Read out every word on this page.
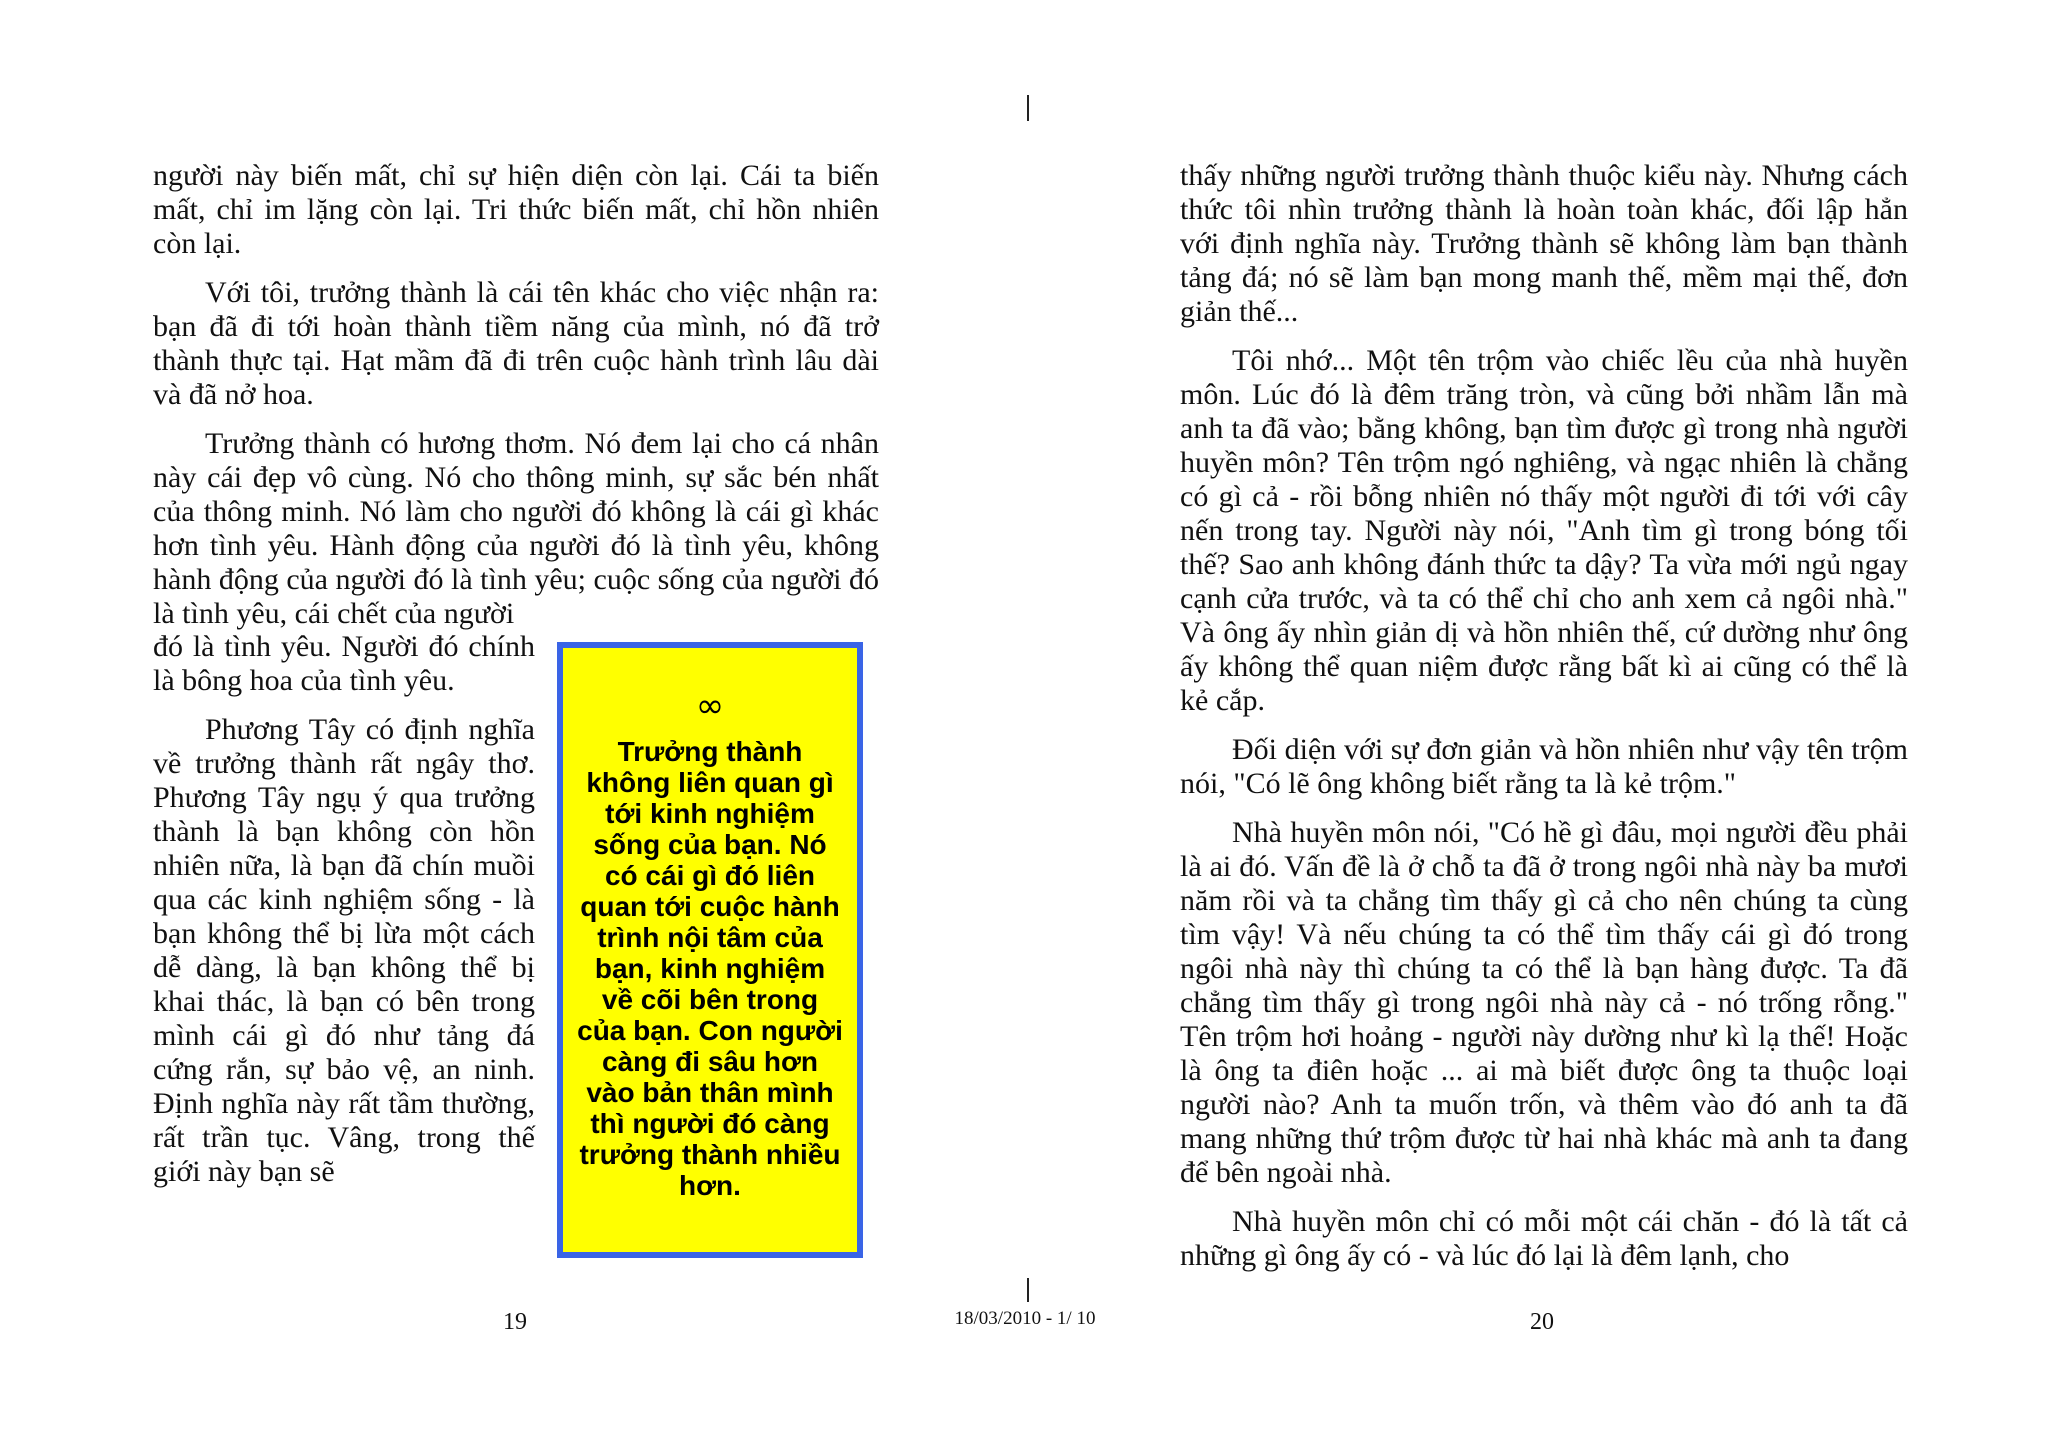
người này biến mất, chỉ sự hiện diện còn lại. Cái ta biến mất, chỉ im lặng còn lại. Tri thức biến mất, chỉ hồn nhiên còn lại.

Với tôi, trưởng thành là cái tên khác cho việc nhận ra: bạn đã đi tới hoàn thành tiềm năng của mình, nó đã trở thành thực tại. Hạt mầm đã đi trên cuộc hành trình lâu dài và đã nở hoa.

Trưởng thành có hương thơm. Nó đem lại cho cá nhân này cái đẹp vô cùng. Nó cho thông minh, sự sắc bén nhất của thông minh. Nó làm cho người đó không là cái gì khác hơn tình yêu. Hành động của người đó là tình yêu, không hành động của người đó là tình yêu; cuộc sống của người đó là tình yêu, cái chết của người

đó là tình yêu. Người đó chính là bông hoa của tình yêu.

Phương Tây có định nghĩa về trưởng thành rất ngây thơ. Phương Tây ngụ ý qua trưởng thành là bạn không còn hồn nhiên nữa, là bạn đã chín muồi qua các kinh nghiệm sống - là bạn không thể bị lừa một cách dễ dàng, là bạn không thể bị khai thác, là bạn có bên trong mình cái gì đó như tảng đá cứng rắn, sự bảo vệ, an ninh. Định nghĩa này rất tầm thường, rất trần tục. Vâng, trong thế giới này bạn sẽ

∞

Trưởng thành không liên quan gì tới kinh nghiệm sống của bạn. Nó có cái gì đó liên quan tới cuộc hành trình nội tâm của bạn, kinh nghiệm về cõi bên trong của bạn. Con người càng đi sâu hơn vào bản thân mình thì người đó càng trưởng thành nhiều hơn.

thấy những người trưởng thành thuộc kiểu này. Nhưng cách thức tôi nhìn trưởng thành là hoàn toàn khác, đối lập hẳn với định nghĩa này. Trưởng thành sẽ không làm bạn thành tảng đá; nó sẽ làm bạn mong manh thế, mềm mại thế, đơn giản thế...

Tôi nhớ... Một tên trộm vào chiếc lều của nhà huyền môn. Lúc đó là đêm trăng tròn, và cũng bởi nhầm lẫn mà anh ta đã vào; bằng không, bạn tìm được gì trong nhà người huyền môn? Tên trộm ngó nghiêng, và ngạc nhiên là chẳng có gì cả - rồi bỗng nhiên nó thấy một người đi tới với cây nến trong tay. Người này nói, "Anh tìm gì trong bóng tối thế? Sao anh không đánh thức ta dậy? Ta vừa mới ngủ ngay cạnh cửa trước, và ta có thể chỉ cho anh xem cả ngôi nhà." Và ông ấy nhìn giản dị và hồn nhiên thế, cứ dường như ông ấy không thể quan niệm được rằng bất kì ai cũng có thể là kẻ cắp.

Đối diện với sự đơn giản và hồn nhiên như vậy tên trộm nói, "Có lẽ ông không biết rằng ta là kẻ trộm."

Nhà huyền môn nói, "Có hề gì đâu, mọi người đều phải là ai đó. Vấn đề là ở chỗ ta đã ở trong ngôi nhà này ba mươi năm rồi và ta chẳng tìm thấy gì cả cho nên chúng ta cùng tìm vậy! Và nếu chúng ta có thể tìm thấy cái gì đó trong ngôi nhà này thì chúng ta có thể là bạn hàng được. Ta đã chẳng tìm thấy gì trong ngôi nhà này cả - nó trống rỗng." Tên trộm hơi hoảng - người này dường như kì lạ thế! Hoặc là ông ta điên hoặc ... ai mà biết được ông ta thuộc loại người nào? Anh ta muốn trốn, và thêm vào đó anh ta đã mang những thứ trộm được từ hai nhà khác mà anh ta đang để bên ngoài nhà.

Nhà huyền môn chỉ có mỗi một cái chăn - đó là tất cả những gì ông ấy có - và lúc đó lại là đêm lạnh, cho

19	18/03/2010 - 1/ 10	20
